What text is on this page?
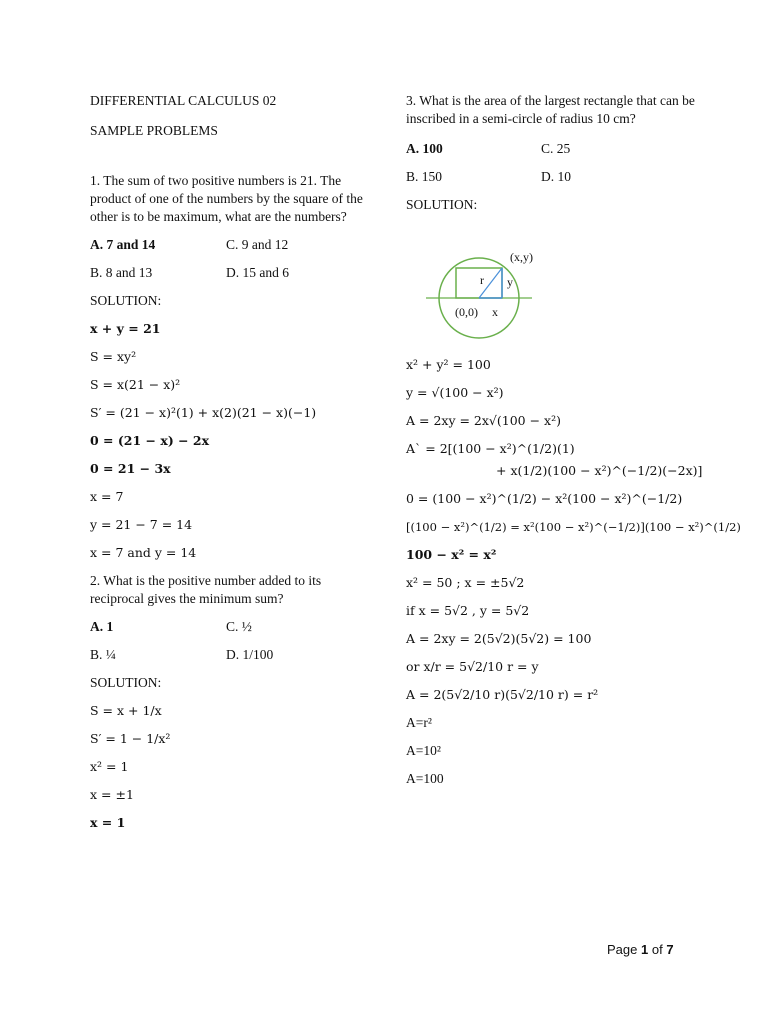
DIFFERENTIAL CALCULUS 02

SAMPLE PROBLEMS

1. The sum of two positive numbers is 21. The product of one of the numbers by the square of the other is to be maximum, what are the numbers?

A. 7 and 14	C. 9 and 12
B. 8 and 13	D. 15 and 6

SOLUTION:

x + y = 21
S = xy²
S = x(21 − x)²
S′ = (21 − x)²(1) + x(2)(21 − x)(−1)
0 = (21 − x) − 2x
0 = 21 − 3x
x = 7
y = 21 − 7 = 14
x = 7 and y = 14

2. What is the positive number added to its reciprocal gives the minimum sum?

A. 1	C. ½
B. ¼	D. 1/100

SOLUTION:

S = x + 1/x
S′ = 1 − 1/x²
x² = 1
x = ±1
x = 1

3. What is the area of the largest rectangle that can be inscribed in a semi-circle of radius 10 cm?

A. 100	C. 25
B. 150	D. 10

SOLUTION:

(x,y)
r y
(0,0) x
x² + y² = 100
y = √(100 − x²)
A = 2xy = 2x√(100 − x²)
A` = 2[(100 − x²)^(1/2)(1)
+ x(1/2)(100 − x²)^(−1/2)(−2x)]
0 = (100 − x²)^(1/2) − x²(100 − x²)^(−1/2)
[(100 − x²)^(1/2) = x²(100 − x²)^(−1/2)](100 − x²)^(1/2)
100 − x² = x²
x² = 50 ; x = ±5√2
if x = 5√2 , y = 5√2
A = 2xy = 2(5√2)(5√2) = 100
or x/r = 5√2/10 r = y
A = 2(5√2/10 r)(5√2/10 r) = r²

A=r²

A=10²

A=100

Page 1 of 7
